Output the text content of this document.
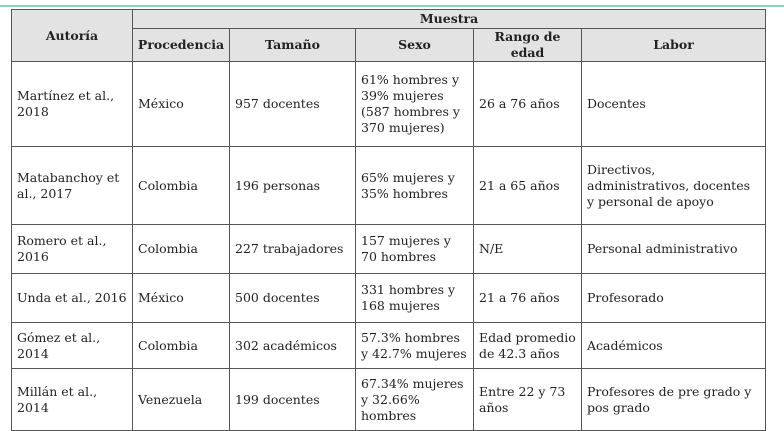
Autoría	Muestra				
	Procedencia	Tamaño	Sexo	Rango de edad	Labor
Martínez et al., 2018	México	957 docentes	61% hombres y 39% mujeres (587 hombres y 370 mujeres)	26 a 76 años	Docentes
Matabanchoy et al., 2017	Colombia	196 personas	65% mujeres y 35% hombres	21 a 65 años	Directivos, administrativos, docentes y personal de apoyo
Romero et al., 2016	Colombia	227 trabajadores	157 mujeres y 70 hombres	N/E	Personal administrativo
Unda et al., 2016	México	500 docentes	331 hombres y 168 mujeres	21 a 76 años	Profesorado
Gómez et al., 2014	Colombia	302 académicos	57.3% hombres y 42.7% mujeres	Edad promedio de 42.3 años	Académicos
Millán et al., 2014	Venezuela	199 docentes	67.34% mujeres y 32.66% hombres	Entre 22 y 73 años	Profesores de pre grado y pos grado
